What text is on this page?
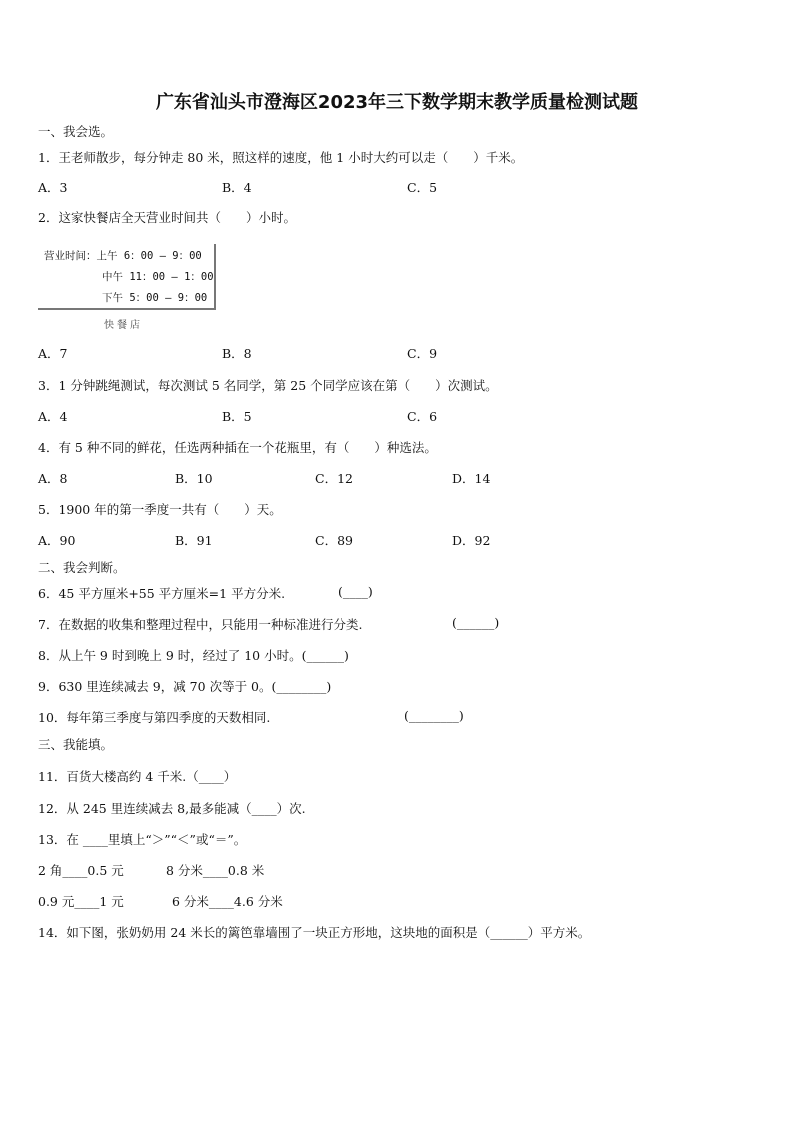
广东省汕头市澄海区2023年三下数学期末教学质量检测试题
一、我会选。
1．王老师散步，每分钟走 80 米，照这样的速度，他 1 小时大约可以走（　　）千米。
A．3	B．4	C．5
2．这家快餐店全天营业时间共（　　）小时。
营业时间：上午 6：00 — 9：00
中午 11：00 — 1：00
下午 5：00 — 9：00
快餐店
A．7	B．8	C．9
3．1 分钟跳绳测试，每次测试 5 名同学，第 25 个同学应该在第（　　）次测试。
A．4	B．5	C．6
4．有 5 种不同的鲜花，任选两种插在一个花瓶里，有（　　）种选法。
A．8	B．10	C．12	D．14
5．1900 年的第一季度一共有（　　）天。
A．90	B．91	C．89	D．92
二、我会判断。
6．45 平方厘米+55 平方厘米=1 平方分米.	(____)
7．在数据的收集和整理过程中，只能用一种标准进行分类.	(______)
8．从上午 9 时到晚上 9 时，经过了 10 小时。(______)
9．630 里连续减去 9，减 70 次等于 0。(________)
10．每年第三季度与第四季度的天数相同.	(________)
三、我能填。
11．百货大楼高约 4 千米.（____）
12．从 245 里连续减去 8,最多能减（____）次.
13．在 ____里填上“＞”“＜”或“＝”。
2 角____0.5 元	8 分米____0.8 米
0.9 元____1 元	6 分米____4.6 分米
14．如下图，张奶奶用 24 米长的篱笆靠墙围了一块正方形地，这块地的面积是（______）平方米。
